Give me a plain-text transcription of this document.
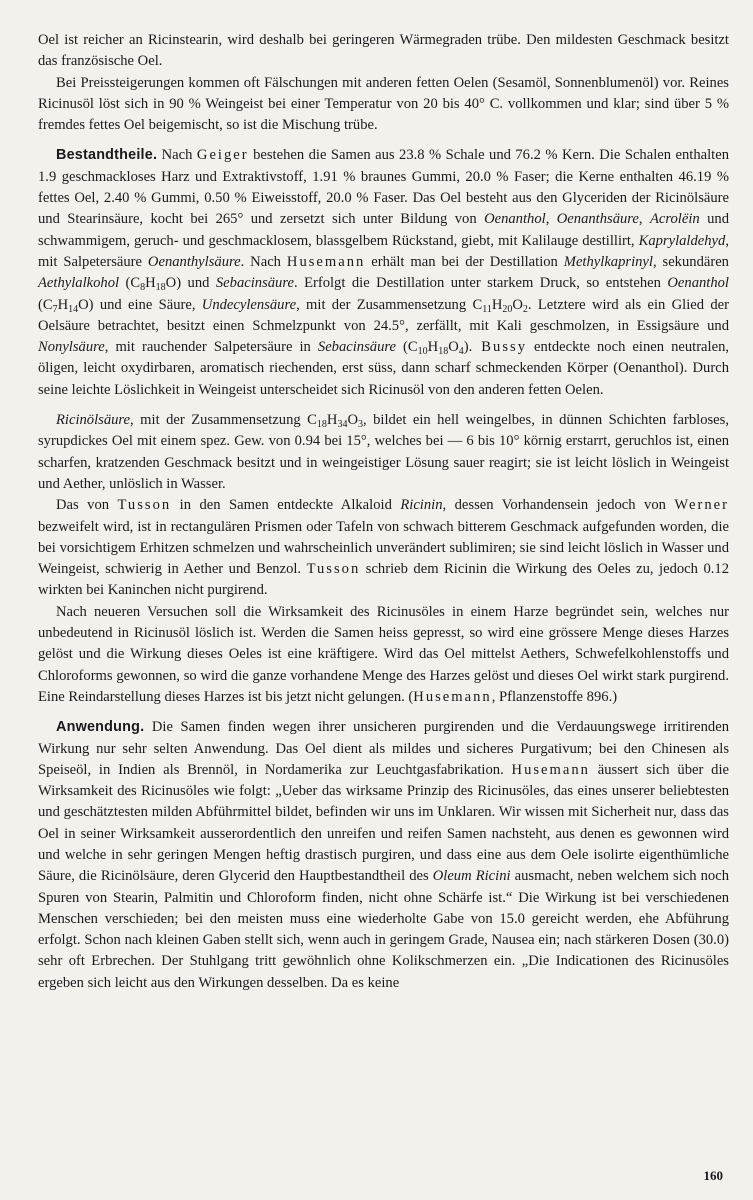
Oel ist reicher an Ricinstearin, wird deshalb bei geringeren Wärmegraden trübe. Den mildesten Geschmack besitzt das französische Oel.

Bei Preissteigerungen kommen oft Fälschungen mit anderen fetten Oelen (Sesamöl, Sonnenblumenöl) vor. Reines Ricinusöl löst sich in 90 % Weingeist bei einer Temperatur von 20 bis 40° C. vollkommen und klar; sind über 5 % fremdes fettes Oel beigemischt, so ist die Mischung trübe.

Bestandtheile. Nach Geiger bestehen die Samen aus 23.8 % Schale und 76.2 % Kern. Die Schalen enthalten 1.9 geschmackloses Harz und Extraktivstoff, 1.91 % braunes Gummi, 20.0 % Faser; die Kerne enthalten 46.19 % fettes Oel, 2.40 % Gummi, 0.50 % Eiweisstoff, 20.0 % Faser. Das Oel besteht aus den Glyceriden der Ricinölsäure und Stearinsäure, kocht bei 265° und zersetzt sich unter Bildung von Oenanthol, Oenanthsäure, Acrolëin und schwammigem, geruch- und geschmacklosem, blassgelbem Rückstand, giebt, mit Kalilauge destillirt, Kaprylaldehyd, mit Salpetersäure Oenanthylsäure. Nach Husemann erhält man bei der Destillation Methylkaprinyl, sekundären Aethylalkohol $(C_8H_{18}O)$ und Sebacinsäure. Erfolgt die Destillation unter starkem Druck, so entstehen Oenanthol $(C_7H_{14}O)$ und eine Säure, Undecylensäure, mit der Zusammensetzung $C_{11}H_{20}O_2$. Letztere wird als ein Glied der Oelsäure betrachtet, besitzt einen Schmelzpunkt von 24.5°, zerfällt, mit Kali geschmolzen, in Essigsäure und Nonylsäure, mit rauchender Salpetersäure in Sebacinsäure $(C_{10}H_{18}O_4)$. Bussy entdeckte noch einen neutralen, öligen, leicht oxydirbaren, aromatisch riechenden, erst süss, dann scharf schmeckenden Körper (Oenanthol). Durch seine leichte Löslichkeit in Weingeist unterscheidet sich Ricinusöl von den anderen fetten Oelen.

Ricinölsäure, mit der Zusammensetzung $C_{18}H_{34}O_3$, bildet ein hell weingelbes, in dünnen Schichten farbloses, syrupdickes Oel mit einem spez. Gew. von 0.94 bei 15°, welches bei — 6 bis 10° körnig erstarrt, geruchlos ist, einen scharfen, kratzenden Geschmack besitzt und in weingeistiger Lösung sauer reagirt; sie ist leicht löslich in Weingeist und Aether, unlöslich in Wasser.

Das von Tusson in den Samen entdeckte Alkaloid Ricinin, dessen Vorhandensein jedoch von Werner bezweifelt wird, ist in rectangulären Prismen oder Tafeln von schwach bitterem Geschmack aufgefunden worden, die bei vorsichtigem Erhitzen schmelzen und wahrscheinlich unverändert sublimiren; sie sind leicht löslich in Wasser und Weingeist, schwierig in Aether und Benzol. Tusson schrieb dem Ricinin die Wirkung des Oeles zu, jedoch 0.12 wirkten bei Kaninchen nicht purgirend.

Nach neueren Versuchen soll die Wirksamkeit des Ricinusöles in einem Harze begründet sein, welches nur unbedeutend in Ricinusöl löslich ist. Werden die Samen heiss gepresst, so wird eine grössere Menge dieses Harzes gelöst und die Wirkung dieses Oeles ist eine kräftigere. Wird das Oel mittelst Aethers, Schwefelkohlenstoffs und Chloroforms gewonnen, so wird die ganze vorhandene Menge des Harzes gelöst und dieses Oel wirkt stark purgirend. Eine Reindarstellung dieses Harzes ist bis jetzt nicht gelungen. (Husemann, Pflanzenstoffe 896.)

Anwendung. Die Samen finden wegen ihrer unsicheren purgirenden und die Verdauungswege irritirenden Wirkung nur sehr selten Anwendung. Das Oel dient als mildes und sicheres Purgativum; bei den Chinesen als Speiseöl, in Indien als Brennöl, in Nordamerika zur Leuchtgasfabrikation. Husemann äussert sich über die Wirksamkeit des Ricinusöles wie folgt: „Ueber das wirksame Prinzip des Ricinusöles, das eines unserer beliebtesten und geschätztesten milden Abführmittel bildet, befinden wir uns im Unklaren. Wir wissen mit Sicherheit nur, dass das Oel in seiner Wirksamkeit ausserordentlich den unreifen und reifen Samen nachsteht, aus denen es gewonnen wird und welche in sehr geringen Mengen heftig drastisch purgiren, und dass eine aus dem Oele isolirte eigenthümliche Säure, die Ricinölsäure, deren Glycerid den Hauptbestandtheil des Oleum Ricini ausmacht, neben welchem sich noch Spuren von Stearin, Palmitin und Chloroform finden, nicht ohne Schärfe ist.“ Die Wirkung ist bei verschiedenen Menschen verschieden; bei den meisten muss eine wiederholte Gabe von 15.0 gereicht werden, ehe Abführung erfolgt. Schon nach kleinen Gaben stellt sich, wenn auch in geringem Grade, Nausea ein; nach stärkeren Dosen (30.0) sehr oft Erbrechen. Der Stuhlgang tritt gewöhnlich ohne Kolikschmerzen ein. „Die Indicationen des Ricinusöles ergeben sich leicht aus den Wirkungen desselben. Da es keine

160
